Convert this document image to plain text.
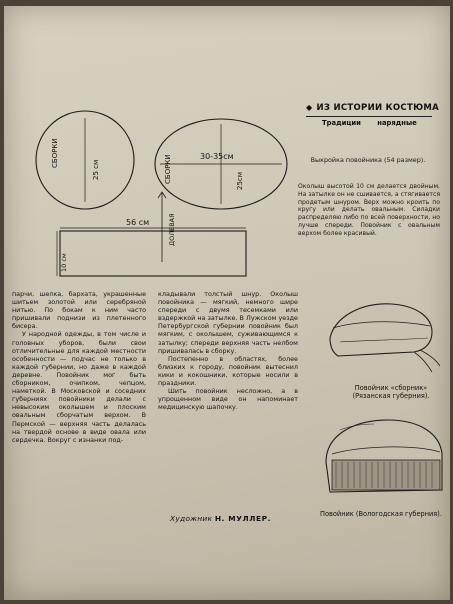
◆ ИЗ ИСТОРИИ КОСТЮМА
Традиции нарядные
СБОРКИ
25 см	СБОРКИ	30-35см
25см
56 см
10 см
ДОЛЕВАЯ
Выкройка повойника (54 размер).
Околыш высотой 10 см делается двойным. На затылке он не сшивается, а стягивается продетым шнуром. Верх можно кроить по кругу или делать овальным. Силадки распределяю либо по всей поверхности, но лучше спереди. Повойник с овальным верхом более красивый.

парчи, шелка, бархата, украшенные шитьем золотой или серебряной нитью. По бокам к ним часто пришивали поднизи из плетенного бисера.

У народной одежды, в том числе и головных уборов, были свои отличительные для каждой местности особенности — подчас не только в каждой губернии, но даже в каждой деревне. Повойник мог быть сборником, очипком, чепцом, наметкой. В Московской и соседних губерниях повойники делали с невысоким околышем и плоским овальным сборчатым верхом. В Пермской — верхняя часть делалась на твердой основе в виде овала или сердечка. Вокруг с изнанки под-

кладывали толстый шнур. Околыш повойника — мягкий, немного шире спереди с двумя тесемками или вздержкой на затылке. В Лужском уезде Петербургской губернии повойник был мягким, с околышем, суживающимся к затылку; спереди верхняя часть нелбом пришивалась в сборку.

Постепенно в областях, более близких к городу, повойник вытеснил кики и кокошники, которые носили в праздники.

Шить повойник несложно, а в упрощенном виде он напоминает медицинскую шапочку.

Художник Н. МУЛЛЕР.
Повойник «сборник» (Рязанская губерния).
Повойник (Вологодская губерния).
